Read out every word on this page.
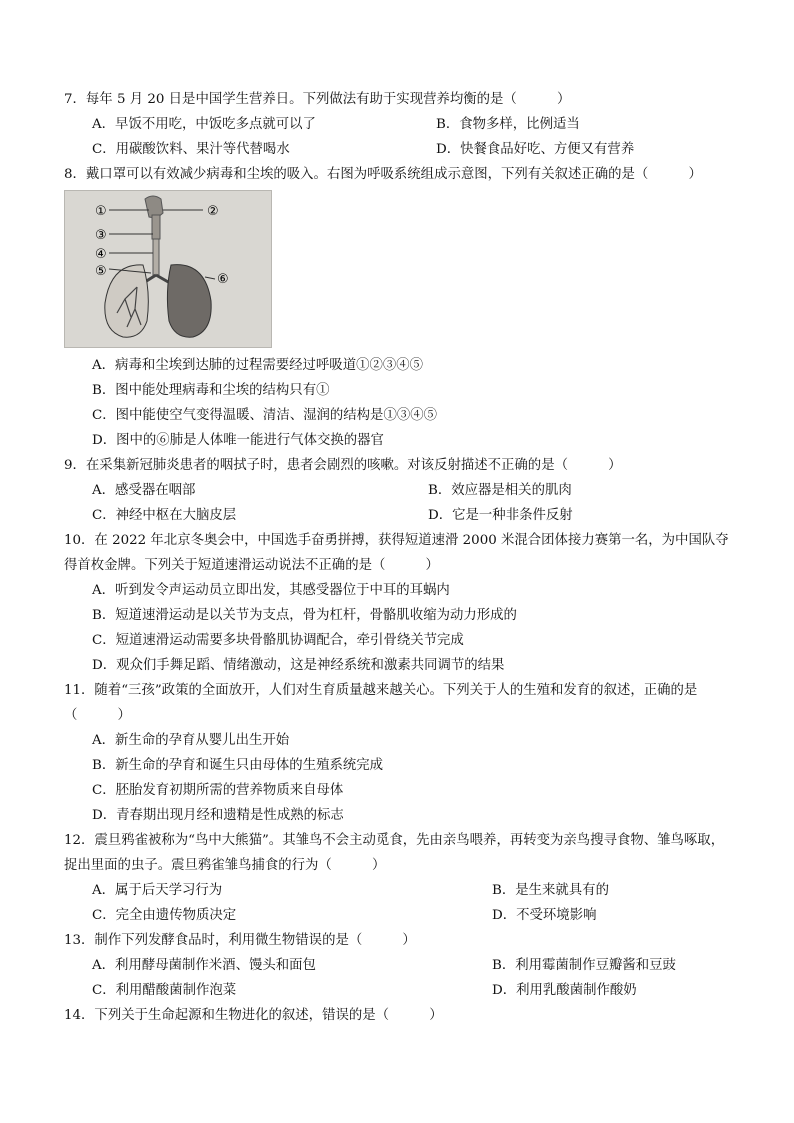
7．每年 5 月 20 日是中国学生营养日。下列做法有助于实现营养均衡的是（　　　）
A．早饭不用吃，中饭吃多点就可以了	B．食物多样，比例适当
C．用碳酸饮料、果汁等代替喝水	D．快餐食品好吃、方便又有营养
8．戴口罩可以有效减少病毒和尘埃的吸入。右图为呼吸系统组成示意图，下列有关叙述正确的是（　　　）
①	②
③
④
⑤
⑥
A．病毒和尘埃到达肺的过程需要经过呼吸道①②③④⑤
B．图中能处理病毒和尘埃的结构只有①
C．图中能使空气变得温暖、清洁、湿润的结构是①③④⑤
D．图中的⑥肺是人体唯一能进行气体交换的器官
9．在采集新冠肺炎患者的咽拭子时，患者会剧烈的咳嗽。对该反射描述不正确的是（　　　）
A．感受器在咽部	B．效应器是相关的肌肉
C．神经中枢在大脑皮层	D．它是一种非条件反射
10．在 2022 年北京冬奥会中，中国选手奋勇拼搏，获得短道速滑 2000 米混合团体接力赛第一名，为中国队夺
得首枚金牌。下列关于短道速滑运动说法不正确的是（　　　）
A．听到发令声运动员立即出发，其感受器位于中耳的耳蜗内
B．短道速滑运动是以关节为支点，骨为杠杆，骨骼肌收缩为动力形成的
C．短道速滑运动需要多块骨骼肌协调配合，牵引骨绕关节完成
D．观众们手舞足蹈、情绪激动，这是神经系统和激素共同调节的结果
11．随着“三孩”政策的全面放开，人们对生育质量越来越关心。下列关于人的生殖和发育的叙述，正确的是
（　　　）
A．新生命的孕育从婴儿出生开始
B．新生命的孕育和诞生只由母体的生殖系统完成
C．胚胎发育初期所需的营养物质来自母体
D．青春期出现月经和遗精是性成熟的标志
12．震旦鸦雀被称为“鸟中大熊猫”。其雏鸟不会主动觅食，先由亲鸟喂养，再转变为亲鸟搜寻食物、雏鸟啄取，
捉出里面的虫子。震旦鸦雀雏鸟捕食的行为（　　　）
A．属于后天学习行为	B．是生来就具有的
C．完全由遗传物质决定	D．不受环境影响
13．制作下列发酵食品时，利用微生物错误的是（　　　）
A．利用酵母菌制作米酒、馒头和面包	B．利用霉菌制作豆瓣酱和豆豉
C．利用醋酸菌制作泡菜	D．利用乳酸菌制作酸奶
14．下列关于生命起源和生物进化的叙述，错误的是（　　　）
